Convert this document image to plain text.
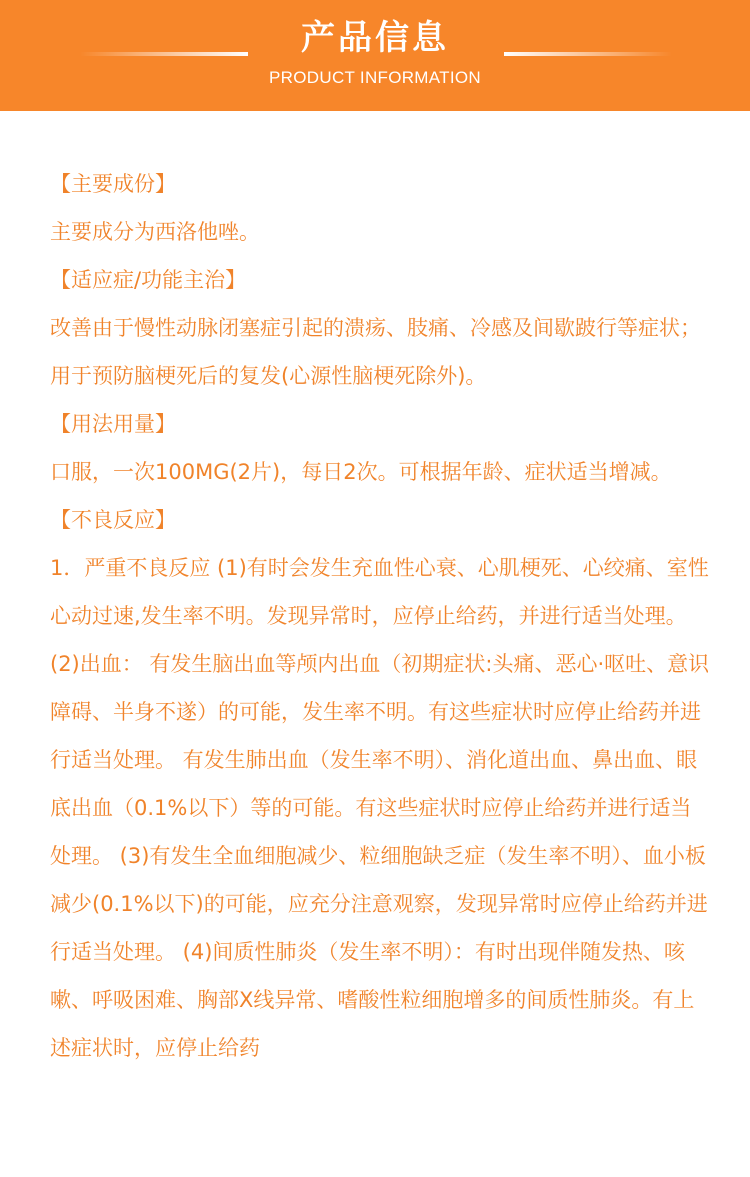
产品信息
PRODUCT INFORMATION

【主要成份】

主要成分为西洛他唑。

【适应症/功能主治】

改善由于慢性动脉闭塞症引起的溃疡、肢痛、冷感及间歇跛行等症状；用于预防脑梗死后的复发(心源性脑梗死除外)。

【用法用量】

口服，一次100MG(2片)，每日2次。可根据年龄、症状适当增减。

【不良反应】

1．严重不良反应 (1)有时会发生充血性心衰、心肌梗死、心绞痛、室性心动过速,发生率不明。发现异常时，应停止给药，并进行适当处理。 (2)出血： 有发生脑出血等颅内出血（初期症状:头痛、恶心·呕吐、意识障碍、半身不遂）的可能，发生率不明。有这些症状时应停止给药并进行适当处理。 有发生肺出血（发生率不明）、消化道出血、鼻出血、眼底出血（0.1%以下）等的可能。有这些症状时应停止给药并进行适当处理。 (3)有发生全血细胞减少、粒细胞缺乏症（发生率不明）、血小板减少(0.1%以下)的可能，应充分注意观察，发现异常时应停止给药并进行适当处理。 (4)间质性肺炎（发生率不明）：有时出现伴随发热、咳嗽、呼吸困难、胸部X线异常、嗜酸性粒细胞增多的间质性肺炎。有上述症状时，应停止给药
